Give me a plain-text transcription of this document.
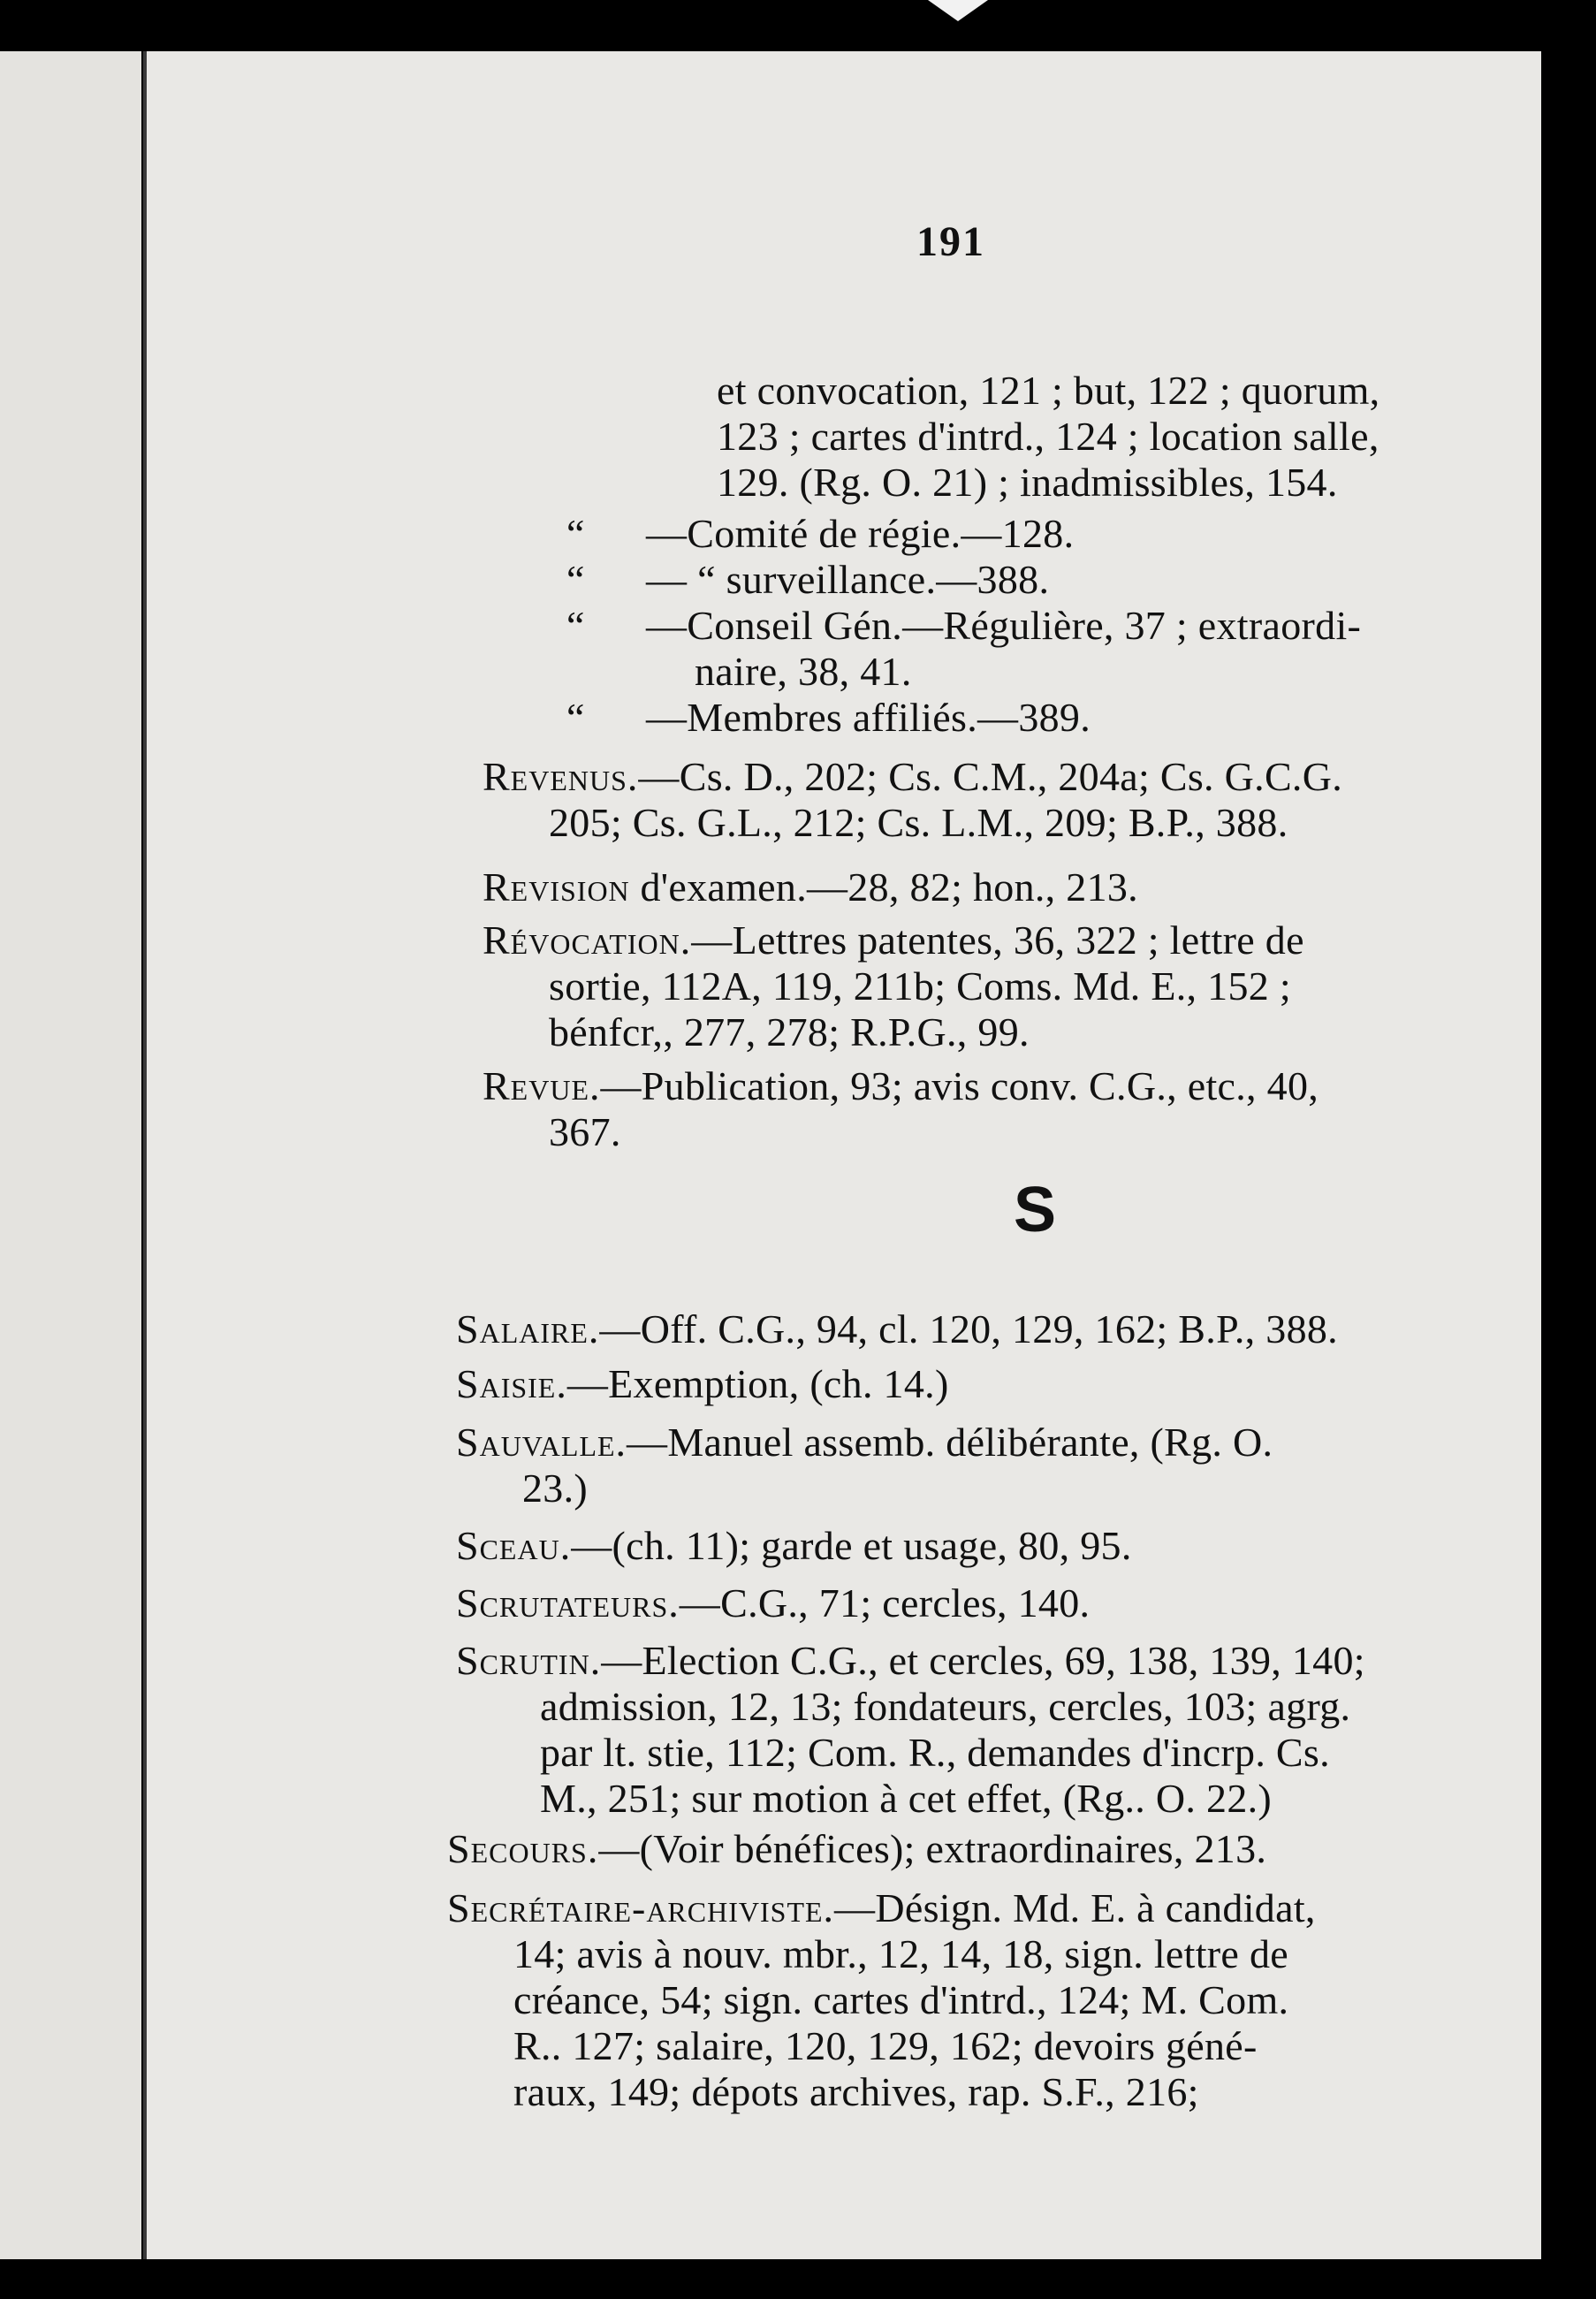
191
et convocation, 121 ; but, 122 ; quorum,
123 ; cartes d'intrd., 124 ; location salle,
129. (Rg. O. 21) ; inadmissibles, 154.
“ —Comité de régie.—128.
“ — “ surveillance.—388.
“ —Conseil Gén.—Régulière, 37 ; extraordi-
naire, 38, 41.
“ —Membres affiliés.—389.
Revenus.—Cs. D., 202; Cs. C.M., 204a; Cs. G.C.G.
205; Cs. G.L., 212; Cs. L.M., 209; B.P., 388.
Revision d'examen.—28, 82; hon., 213.
Révocation.—Lettres patentes, 36, 322 ; lettre de
sortie, 112A, 119, 211b; Coms. Md. E., 152 ;
bénfcr,, 277, 278; R.P.G., 99.
Revue.—Publication, 93; avis conv. C.G., etc., 40,
367.
S
Salaire.—Off. C.G., 94, cl. 120, 129, 162; B.P., 388.
Saisie.—Exemption, (ch. 14.)
Sauvalle.—Manuel assemb. délibérante, (Rg. O.
23.)
Sceau.—(ch. 11); garde et usage, 80, 95.
Scrutateurs.—C.G., 71; cercles, 140.
Scrutin.—Election C.G., et cercles, 69, 138, 139, 140;
admission, 12, 13; fondateurs, cercles, 103; agrg.
par lt. stie, 112; Com. R., demandes d'incrp. Cs.
M., 251; sur motion à cet effet, (Rg.. O. 22.)
Secours.—(Voir bénéfices); extraordinaires, 213.
Secrétaire-archiviste.—Désign. Md. E. à candidat,
14; avis à nouv. mbr., 12, 14, 18, sign. lettre de
créance, 54; sign. cartes d'intrd., 124; M. Com.
R.. 127; salaire, 120, 129, 162; devoirs géné-
raux, 149; dépots archives, rap. S.F., 216;
